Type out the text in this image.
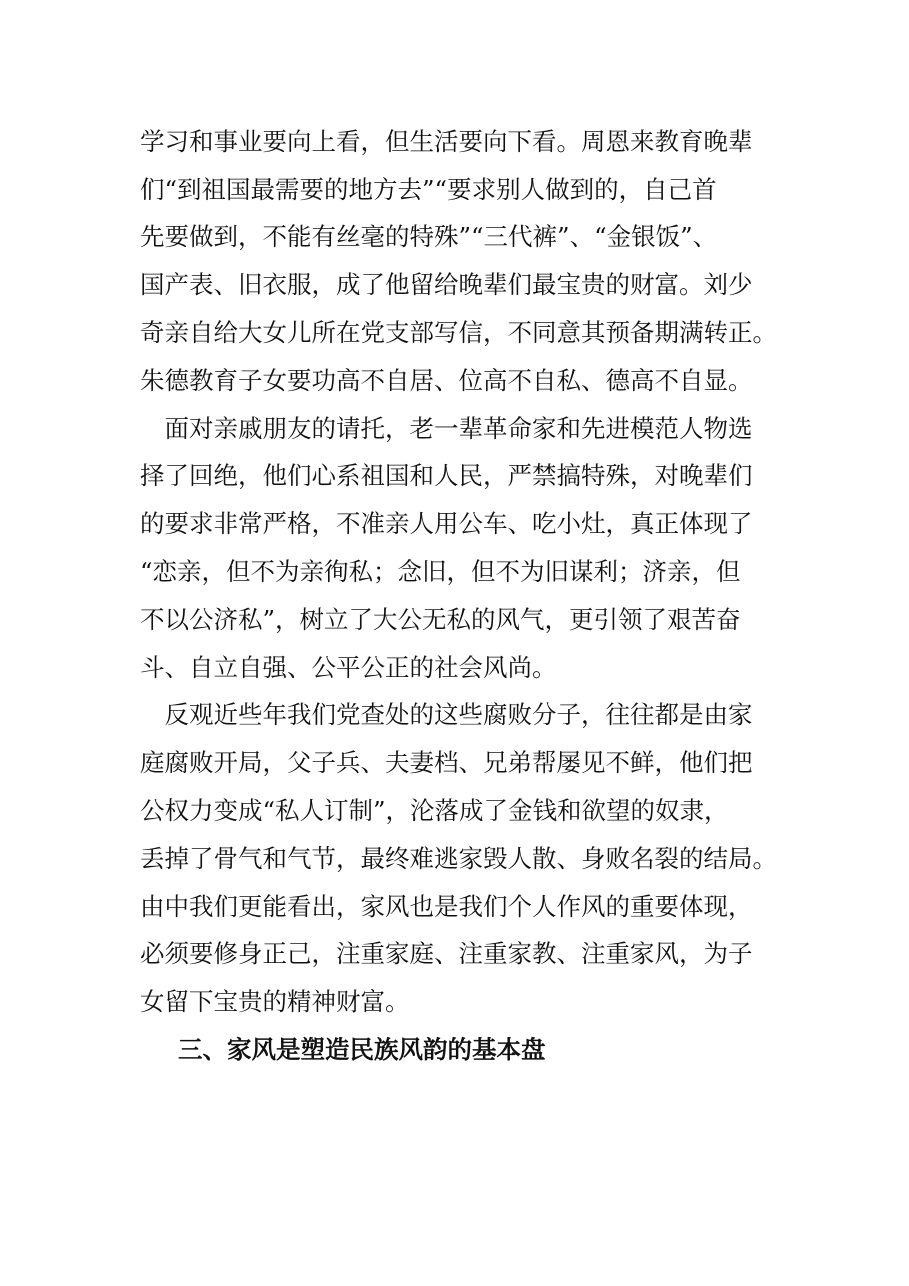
学习和事业要向上看，但生活要向下看。周恩来教育晚辈
们“到祖国最需要的地方去”“要求别人做到的，自己首
先要做到，不能有丝毫的特殊”“三代裤”、“金银饭”、
国产表、旧衣服，成了他留给晚辈们最宝贵的财富。刘少
奇亲自给大女儿所在党支部写信，不同意其预备期满转正。
朱德教育子女要功高不自居、位高不自私、德高不自显。
　面对亲戚朋友的请托，老一辈革命家和先进模范人物选
择了回绝，他们心系祖国和人民，严禁搞特殊，对晚辈们
的要求非常严格，不准亲人用公车、吃小灶，真正体现了
“恋亲，但不为亲徇私；念旧，但不为旧谋利；济亲，但
不以公济私”，树立了大公无私的风气，更引领了艰苦奋
斗、自立自强、公平公正的社会风尚。
　反观近些年我们党查处的这些腐败分子，往往都是由家
庭腐败开局，父子兵、夫妻档、兄弟帮屡见不鲜，他们把
公权力变成“私人订制”，沦落成了金钱和欲望的奴隶，
丢掉了骨气和气节，最终难逃家毁人散、身败名裂的结局。
由中我们更能看出，家风也是我们个人作风的重要体现，
必须要修身正己，注重家庭、注重家教、注重家风，为子
女留下宝贵的精神财富。
三、家风是塑造民族风韵的基本盘
